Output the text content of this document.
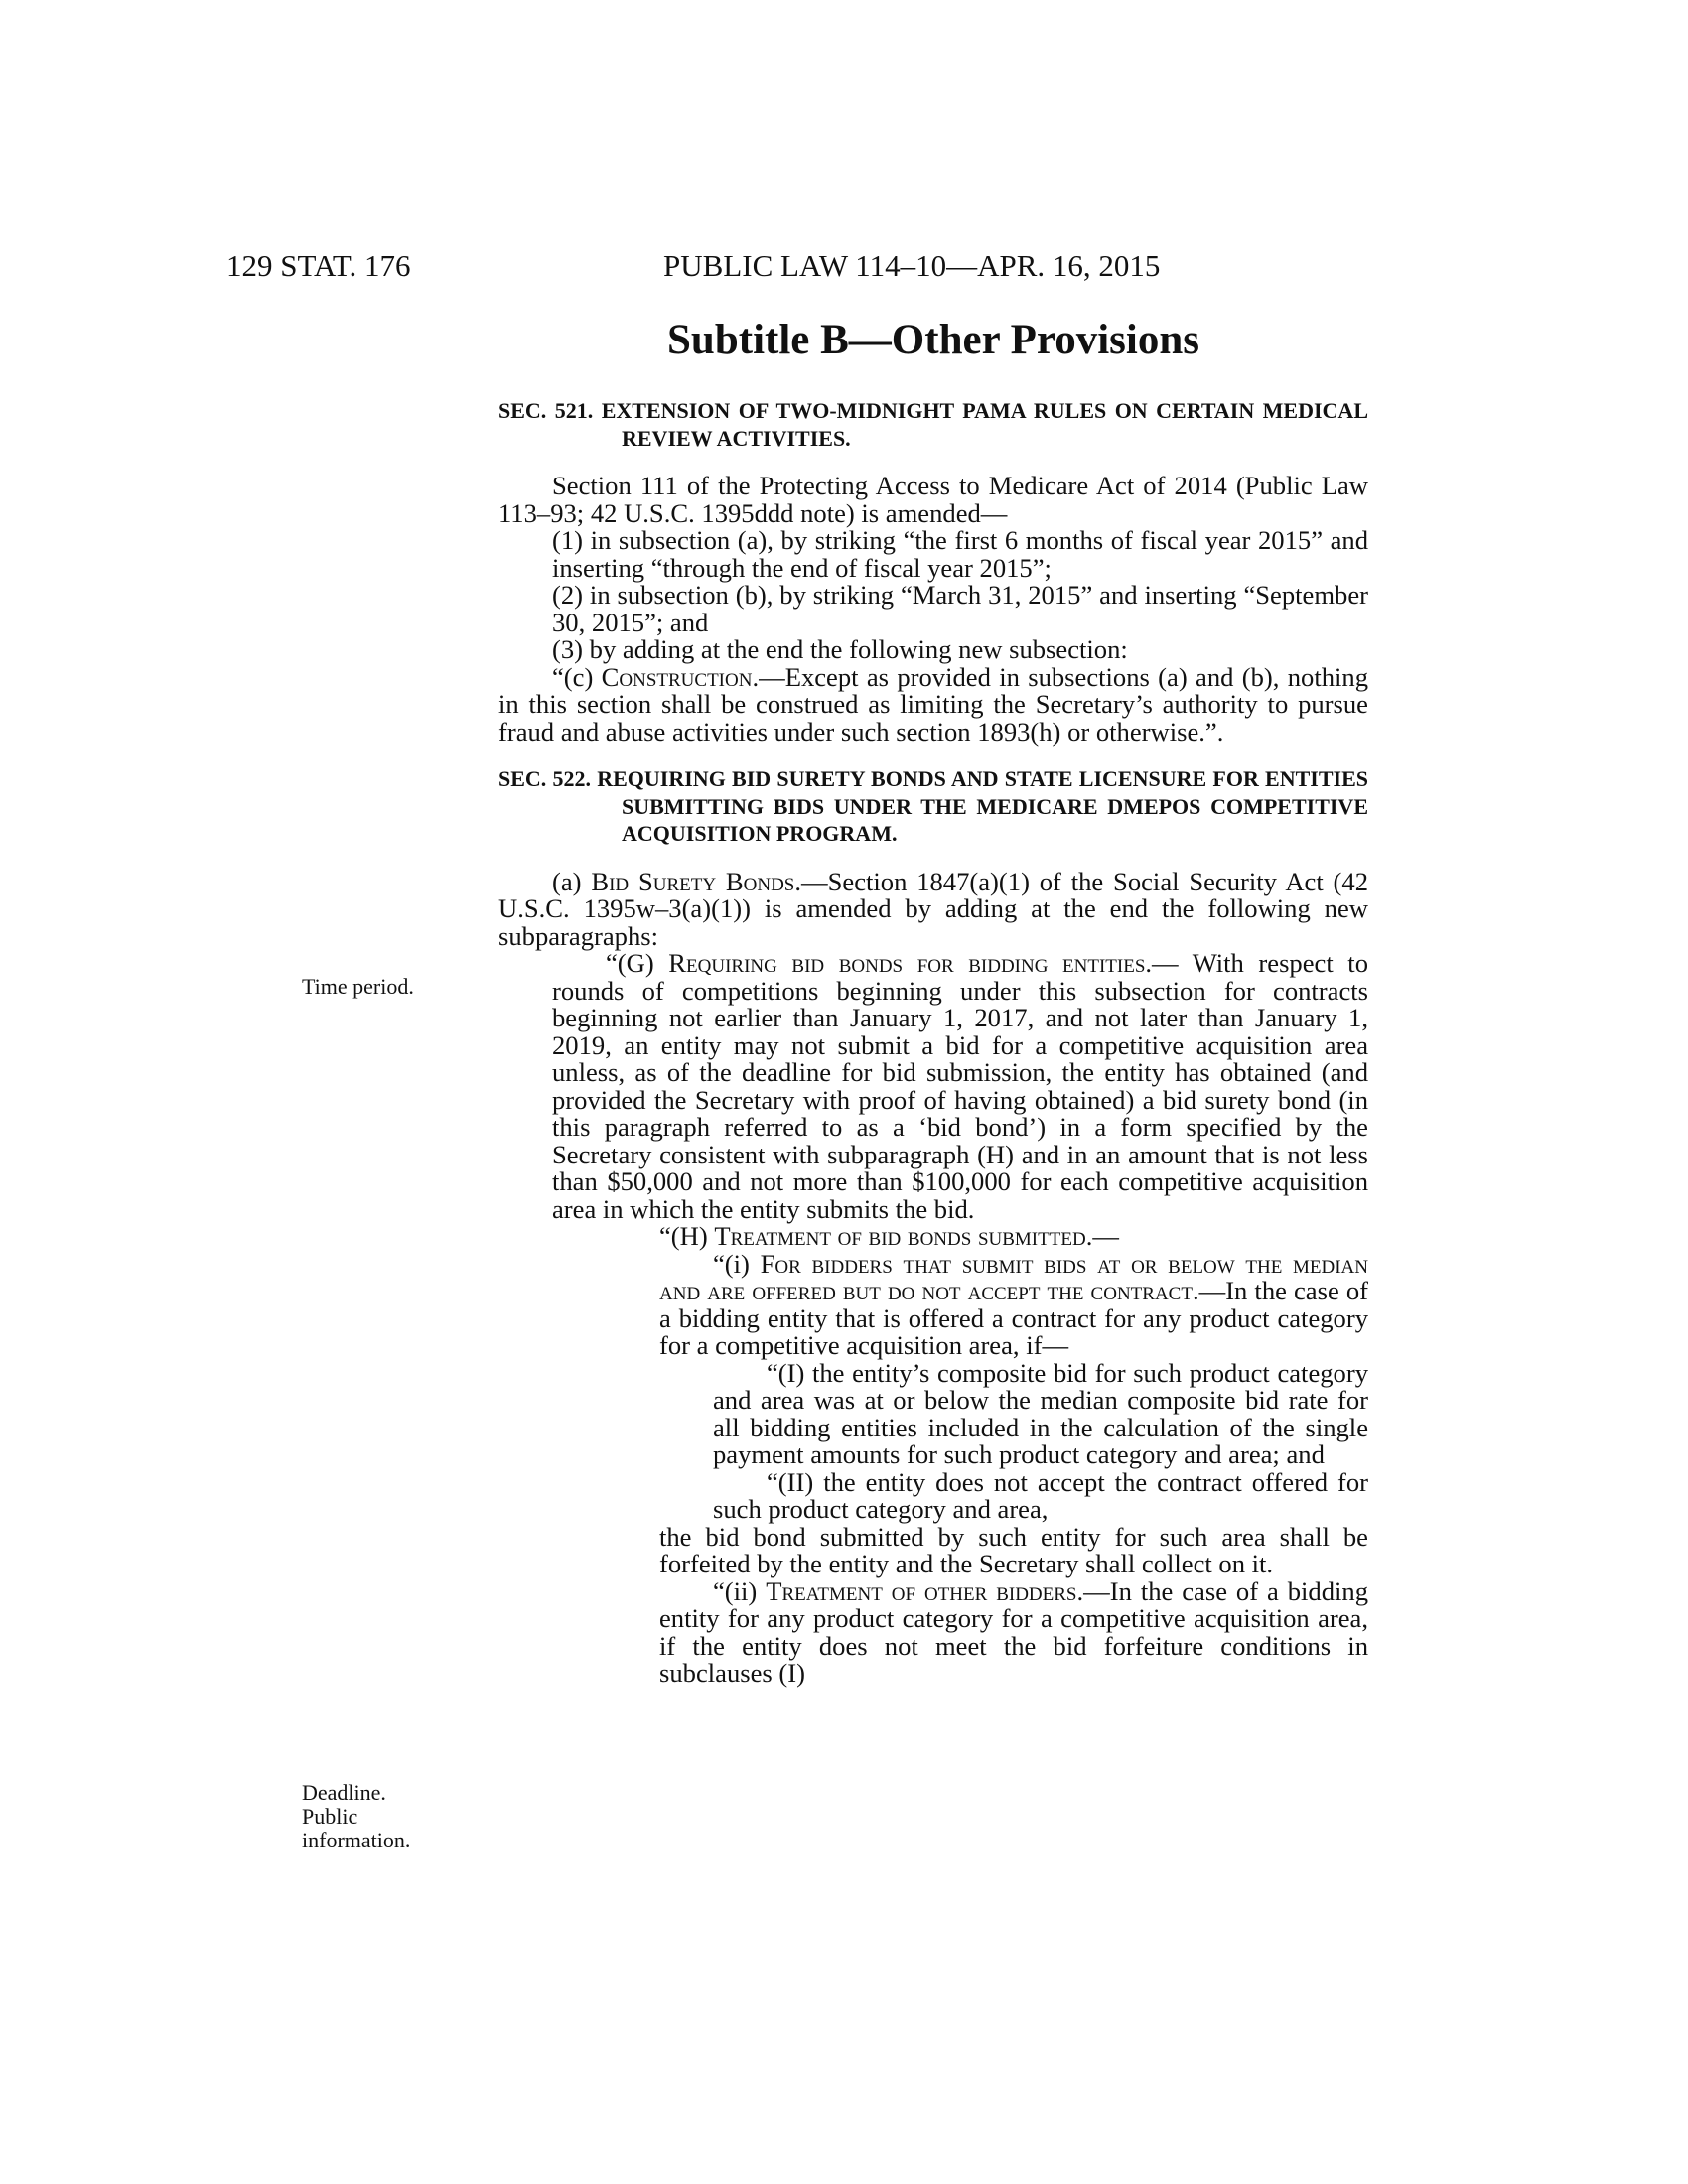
129 STAT. 176	PUBLIC LAW 114–10—APR. 16, 2015
Subtitle B—Other Provisions
Time period.
Deadline.
Public
information.

SEC. 521. EXTENSION OF TWO-MIDNIGHT PAMA RULES ON CERTAIN MEDICAL REVIEW ACTIVITIES.

Section 111 of the Protecting Access to Medicare Act of 2014 (Public Law 113–93; 42 U.S.C. 1395ddd note) is amended—

(1) in subsection (a), by striking “the first 6 months of fiscal year 2015” and inserting “through the end of fiscal year 2015”;

(2) in subsection (b), by striking “March 31, 2015” and inserting “September 30, 2015”; and

(3) by adding at the end the following new subsection:

“(c) Construction.—Except as provided in subsections (a) and (b), nothing in this section shall be construed as limiting the Secretary’s authority to pursue fraud and abuse activities under such section 1893(h) or otherwise.”.

SEC. 522. REQUIRING BID SURETY BONDS AND STATE LICENSURE FOR ENTITIES SUBMITTING BIDS UNDER THE MEDICARE DMEPOS COMPETITIVE ACQUISITION PROGRAM.

(a) Bid Surety Bonds.—Section 1847(a)(1) of the Social Security Act (42 U.S.C. 1395w–3(a)(1)) is amended by adding at the end the following new subparagraphs:

“(G) Requiring bid bonds for bidding entities.— With respect to rounds of competitions beginning under this subsection for contracts beginning not earlier than January 1, 2017, and not later than January 1, 2019, an entity may not submit a bid for a competitive acquisition area unless, as of the deadline for bid submission, the entity has obtained (and provided the Secretary with proof of having obtained) a bid surety bond (in this paragraph referred to as a ‘bid bond’) in a form specified by the Secretary consistent with subparagraph (H) and in an amount that is not less than $50,000 and not more than $100,000 for each competitive acquisition area in which the entity submits the bid.

“(H) Treatment of bid bonds submitted.—

“(i) For bidders that submit bids at or below the median and are offered but do not accept the contract.—In the case of a bidding entity that is offered a contract for any product category for a competitive acquisition area, if—

“(I) the entity’s composite bid for such product category and area was at or below the median composite bid rate for all bidding entities included in the calculation of the single payment amounts for such product category and area; and

“(II) the entity does not accept the contract offered for such product category and area,

the bid bond submitted by such entity for such area shall be forfeited by the entity and the Secretary shall collect on it.

“(ii) Treatment of other bidders.—In the case of a bidding entity for any product category for a competitive acquisition area, if the entity does not meet the bid forfeiture conditions in subclauses (I)
